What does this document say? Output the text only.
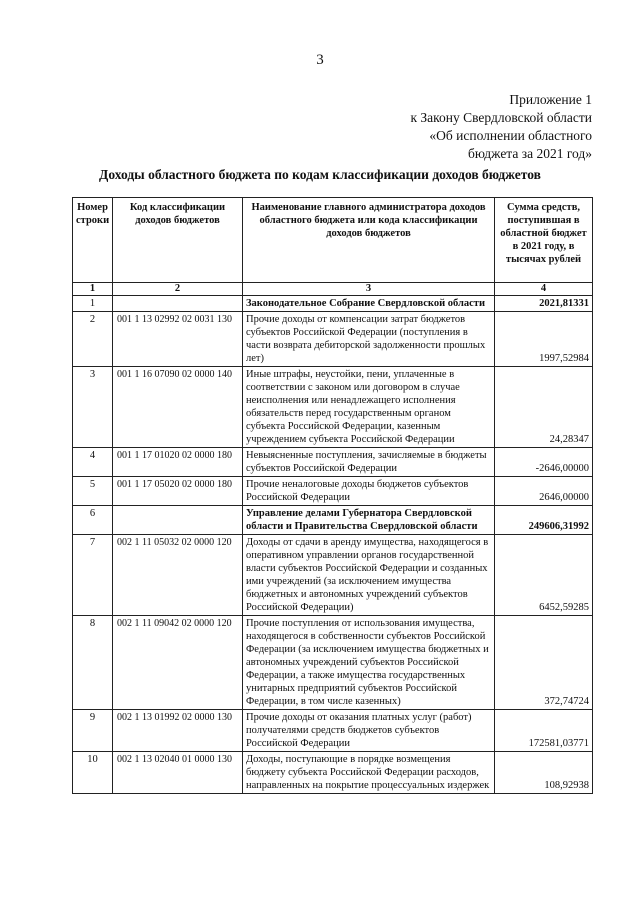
3
Приложение 1
к Закону Свердловской области
«Об исполнении областного
бюджета за 2021 год»
Доходы областного бюджета по кодам классификации доходов бюджетов
Номер строки	Код классификации доходов бюджетов	Наименование главного администратора доходов областного бюджета или кода классификации доходов бюджетов	Сумма средств, поступившая в областной бюджет в 2021 году, в тысячах рублей
1	2	3	4
1		Законодательное Собрание Свердловской области	2021,81331
2	001 1 13 02992 02 0031 130	Прочие доходы от компенсации затрат бюджетов субъектов Российской Федерации (поступления в части возврата дебиторской задолженности прошлых лет)	1997,52984
3	001 1 16 07090 02 0000 140	Иные штрафы, неустойки, пени, уплаченные в соответствии с законом или договором в случае неисполнения или ненадлежащего исполнения обязательств перед государственным органом субъекта Российской Федерации, казенным учреждением субъекта Российской Федерации	24,28347
4	001 1 17 01020 02 0000 180	Невыясненные поступления, зачисляемые в бюджеты субъектов Российской Федерации	-2646,00000
5	001 1 17 05020 02 0000 180	Прочие неналоговые доходы бюджетов субъектов Российской Федерации	2646,00000
6		Управление делами Губернатора Свердловской области и Правительства Свердловской области	249606,31992
7	002 1 11 05032 02 0000 120	Доходы от сдачи в аренду имущества, находящегося в оперативном управлении органов государственной власти субъектов Российской Федерации и созданных ими учреждений (за исключением имущества бюджетных и автономных учреждений субъектов Российской Федерации)	6452,59285
8	002 1 11 09042 02 0000 120	Прочие поступления от использования имущества, находящегося в собственности субъектов Российской Федерации (за исключением имущества бюджетных и автономных учреждений субъектов Российской Федерации, а также имущества государственных унитарных предприятий субъектов Российской Федерации, в том числе казенных)	372,74724
9	002 1 13 01992 02 0000 130	Прочие доходы от оказания платных услуг (работ) получателями средств бюджетов субъектов Российской Федерации	172581,03771
10	002 1 13 02040 01 0000 130	Доходы, поступающие в порядке возмещения бюджету субъекта Российской Федерации расходов, направленных на покрытие процессуальных издержек	108,92938
